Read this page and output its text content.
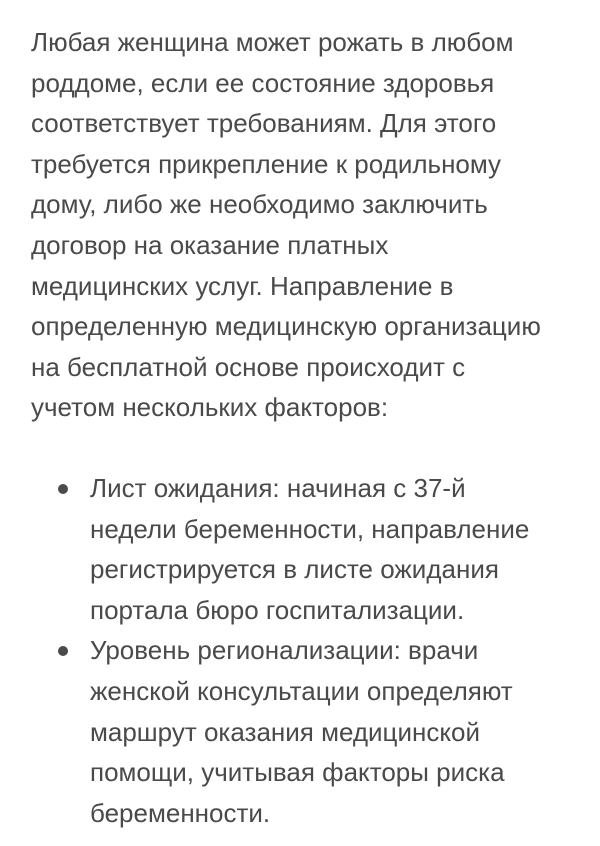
Любая женщина может рожать в любом
роддоме, если ее состояние здоровья
соответствует требованиям. Для этого
требуется прикрепление к родильному
дому, либо же необходимо заключить
договор на оказание платных
медицинских услуг. Направление в
определенную медицинскую организацию
на бесплатной основе происходит с
учетом нескольких факторов:

Лист ожидания: начиная с 37-й
недели беременности, направление
регистрируется в листе ожидания
портала бюро госпитализации.
Уровень регионализации: врачи
женской консультации определяют
маршрут оказания медицинской
помощи, учитывая факторы риска
беременности.
